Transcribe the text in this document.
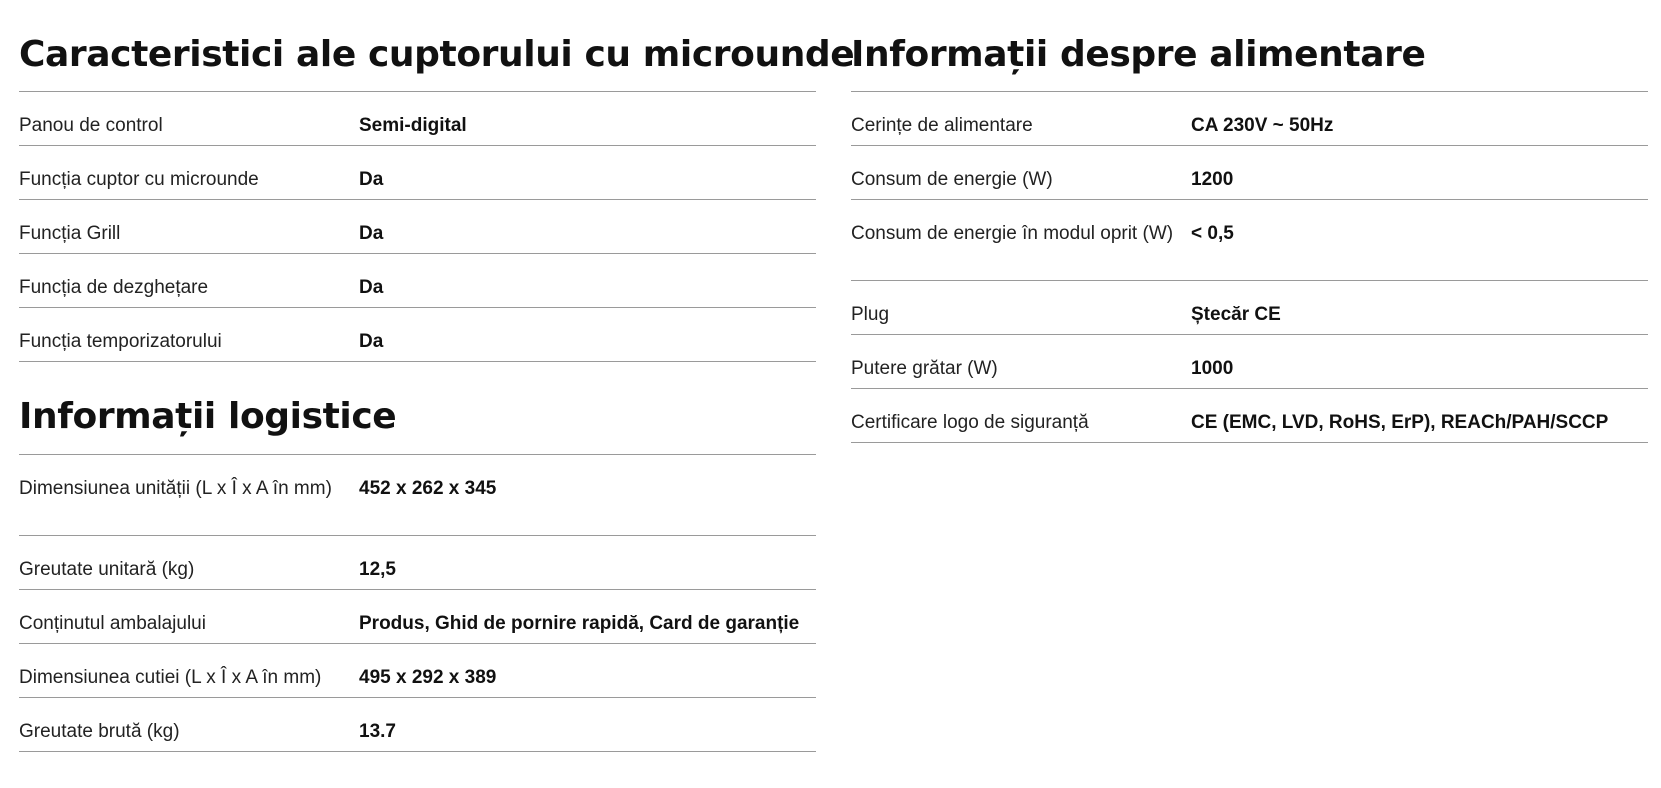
Caracteristici ale cuptorului cu microunde
Panou de control	Semi-digital
Funcția cuptor cu microunde	Da
Funcția Grill	Da
Funcția de dezghețare	Da
Funcția temporizatorului	Da
Informații logistice
Dimensiunea unității (L x Î x A în mm)	452 x 262 x 345
Greutate unitară (kg)	12,5
Conținutul ambalajului	Produs, Ghid de pornire rapidă, Card de garanție
Dimensiunea cutiei (L x Î x A în mm)	495 x 292 x 389
Greutate brută (kg)	13.7
Informații despre alimentare
Cerințe de alimentare	CA 230V ~ 50Hz
Consum de energie (W)	1200
Consum de energie în modul oprit (W) < 0,5
Plug	Ștecăr CE
Putere grătar (W)	1000
Certificare logo de siguranță	CE (EMC, LVD, RoHS, ErP), REACh/PAH/SCCP
